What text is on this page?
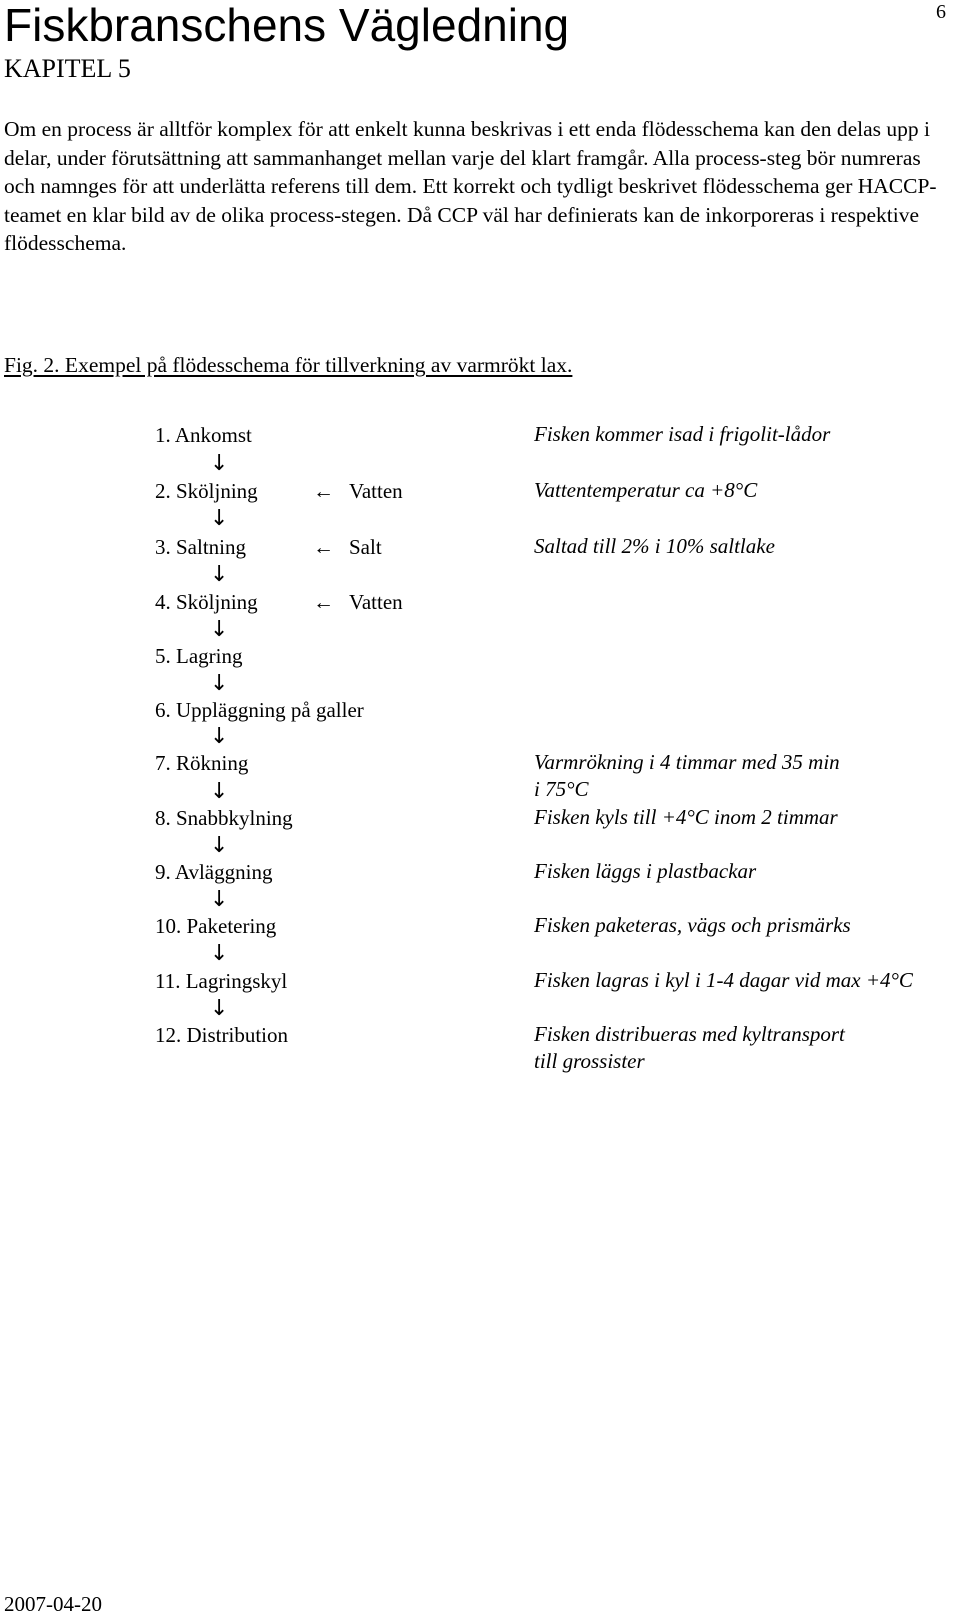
Fiskbranschens Vägledning
KAPITEL 5
6

Om en process är alltför komplex för att enkelt kunna beskrivas i ett enda flödesschema kan den delas upp i delar, under förutsättning att sammanhanget mellan varje del klart framgår. Alla process-steg bör numreras och namnges för att underlätta referens till dem. Ett korrekt och tydligt beskrivet flödesschema ger HACCP-teamet en klar bild av de olika process-stegen. Då CCP väl har definierats kan de inkorporeras i respektive flödesschema.

Fig. 2. Exempel på flödesschema för tillverkning av varmrökt lax.
1. Ankomst	Fisken kommer isad i frigolit-lådor
2. Sköljning	← Vatten	Vattentemperatur ca +8°C
3. Saltning	← Salt	Saltad till 2% i 10% saltlake
4. Sköljning	← Vatten
5. Lagring
6. Uppläggning på galler
7. Rökning	Varmrökning i 4 timmar med 35 min
i 75°C
8. Snabbkylning	Fisken kyls till +4°C inom 2 timmar
9. Avläggning	Fisken läggs i plastbackar
10. Paketering	Fisken paketeras, vägs och prismärks
11. Lagringskyl	Fisken lagras i kyl i 1-4 dagar vid max +4°C
12. Distribution	Fisken distribueras med kyltransport
till grossister
↓
↓
↓
↓
↓
↓
↓
↓
↓
↓
↓
2007-04-20
